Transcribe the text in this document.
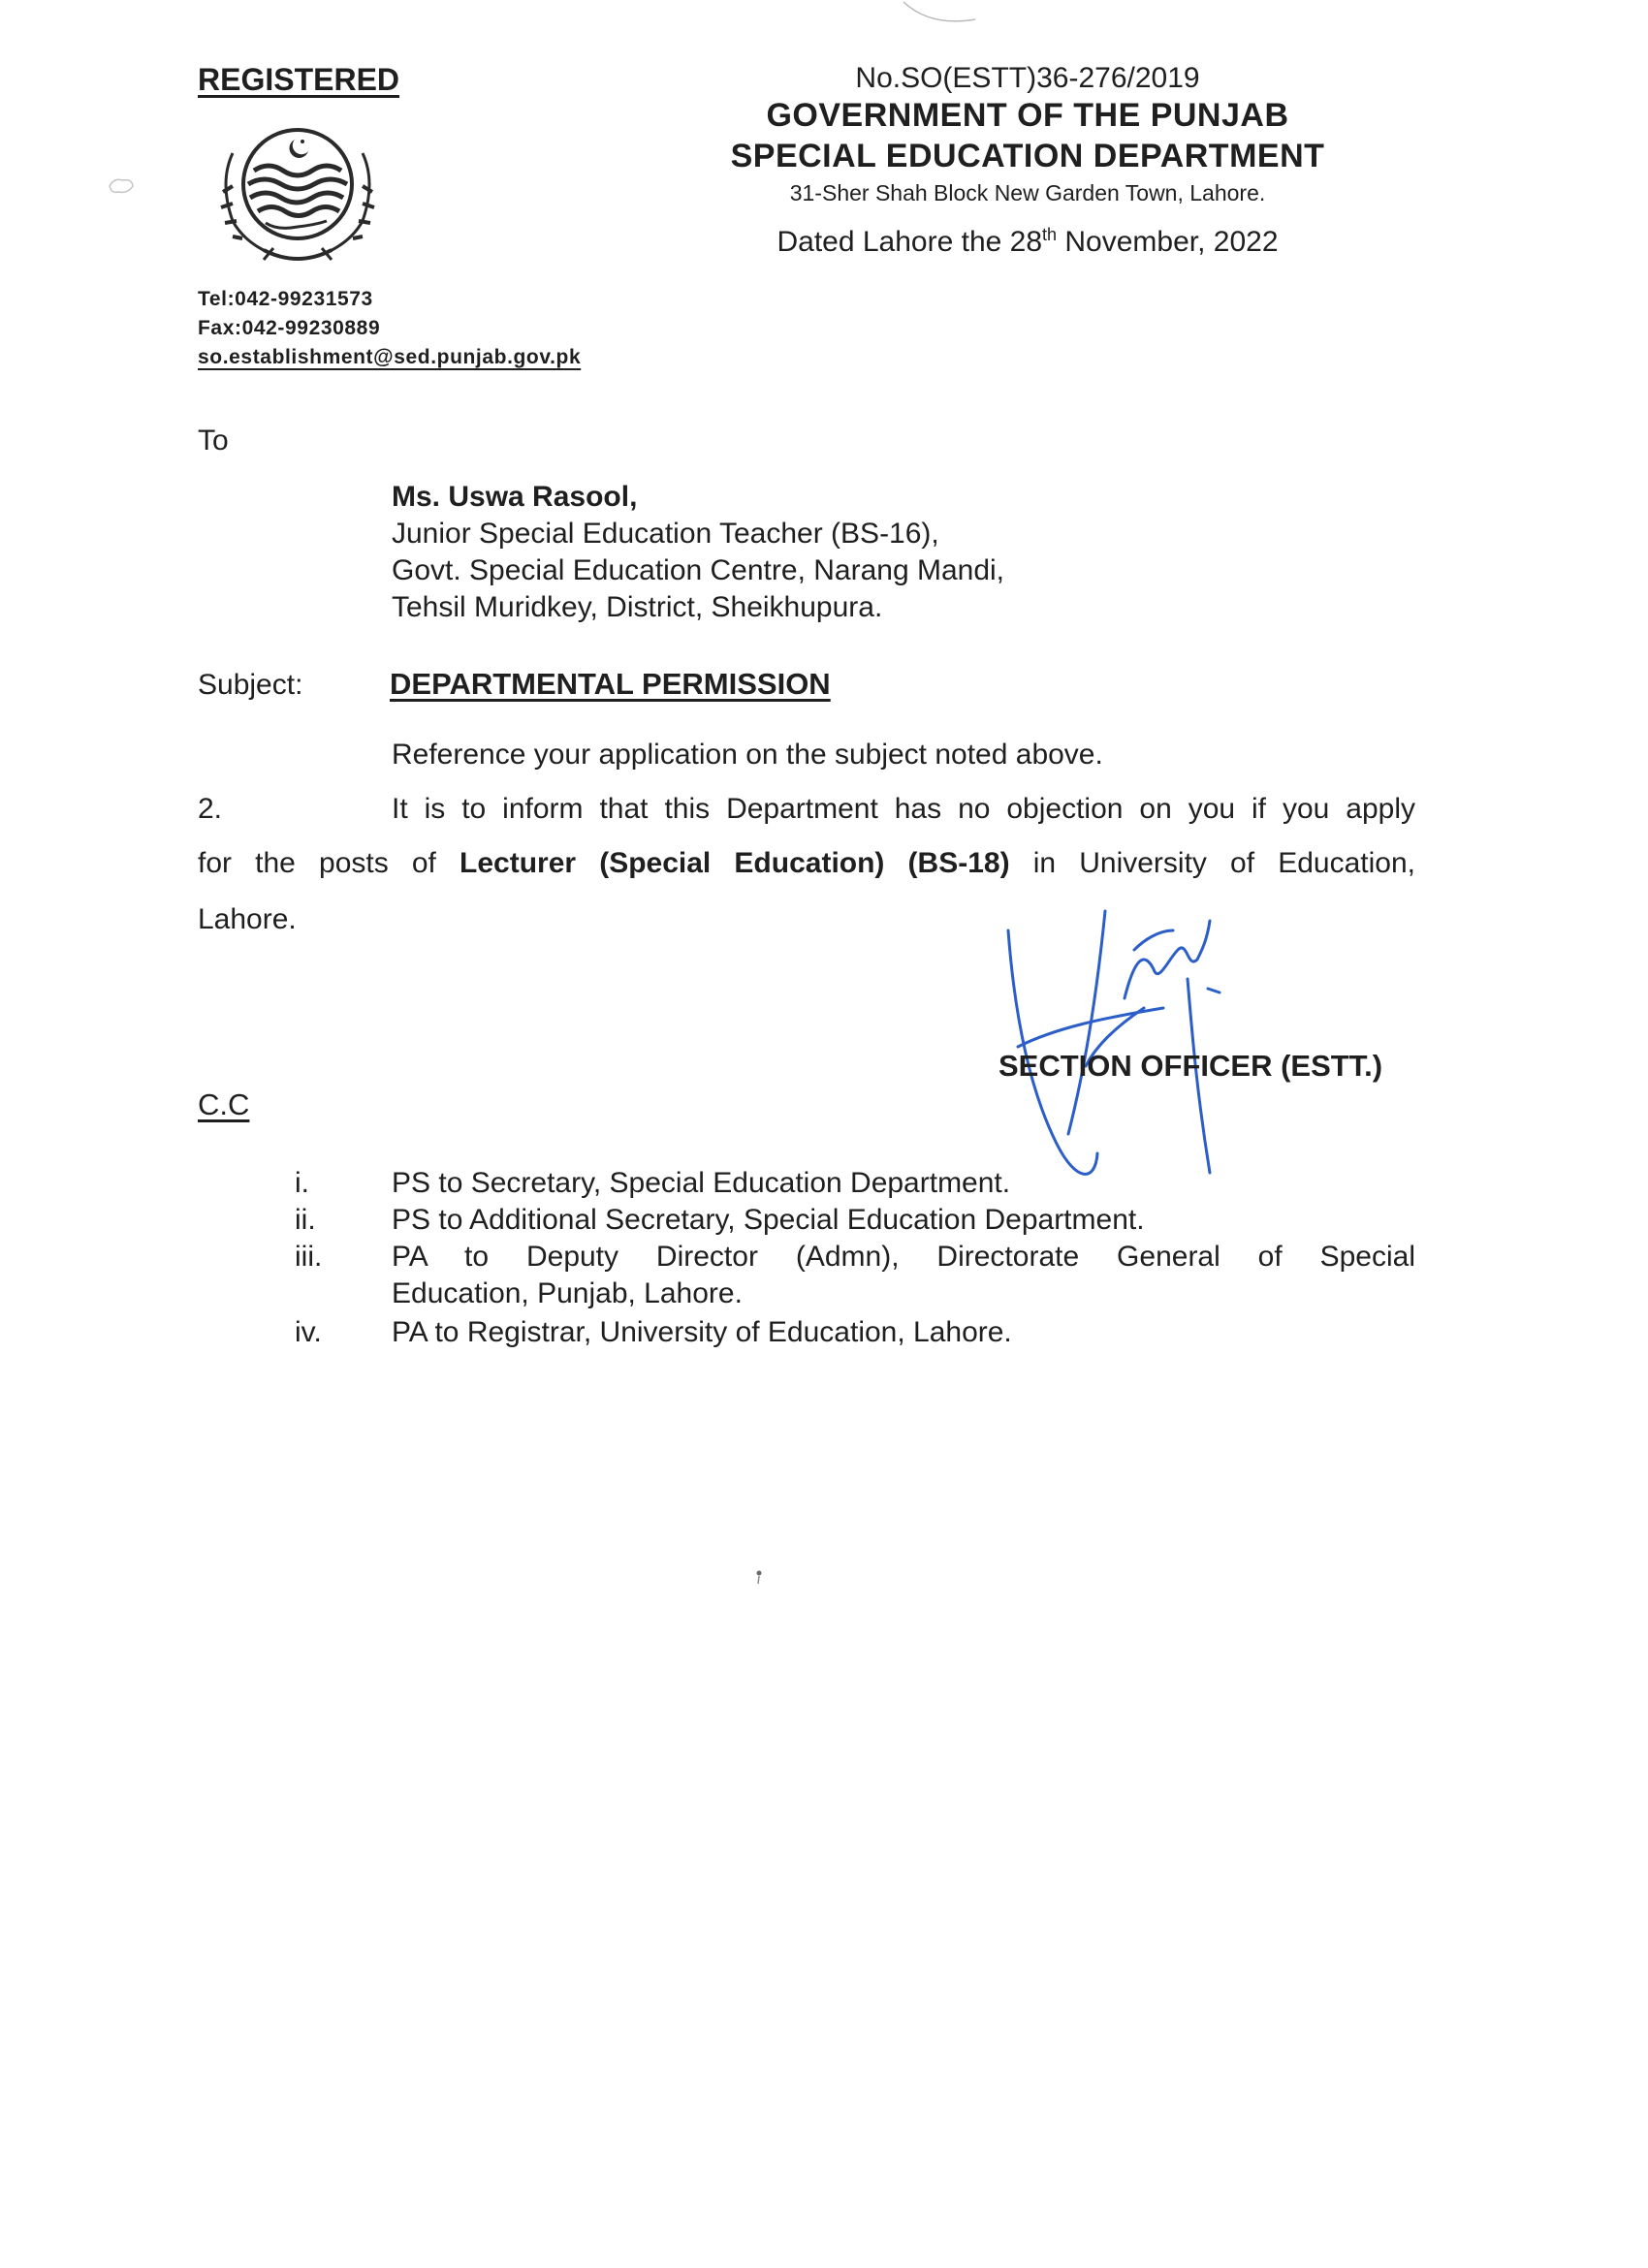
REGISTERED
Tel:042-99231573
Fax:042-99230889
so.establishment@sed.punjab.gov.pk
No.SO(ESTT)36-276/2019
GOVERNMENT OF THE PUNJAB
SPECIAL EDUCATION DEPARTMENT
31-Sher Shah Block New Garden Town, Lahore.
Dated Lahore the 28th November, 2022
To
Ms. Uswa Rasool,
Junior Special Education Teacher (BS-16),
Govt. Special Education Centre, Narang Mandi,
Tehsil Muridkey, District, Sheikhupura.
Subject:	DEPARTMENTAL PERMISSION
Reference your application on the subject noted above.
2.	It is to inform that this Department has no objection on you if you apply
for the posts of Lecturer (Special Education) (BS-18) in University of Education,
Lahore.
SECTION OFFICER (ESTT.)
C.C
i.	PS to Secretary, Special Education Department.
ii.	PS to Additional Secretary, Special Education Department.
iii. PA to Deputy Director (Admn), Directorate General of Special
Education, Punjab, Lahore.
iv. PA to Registrar, University of Education, Lahore.
